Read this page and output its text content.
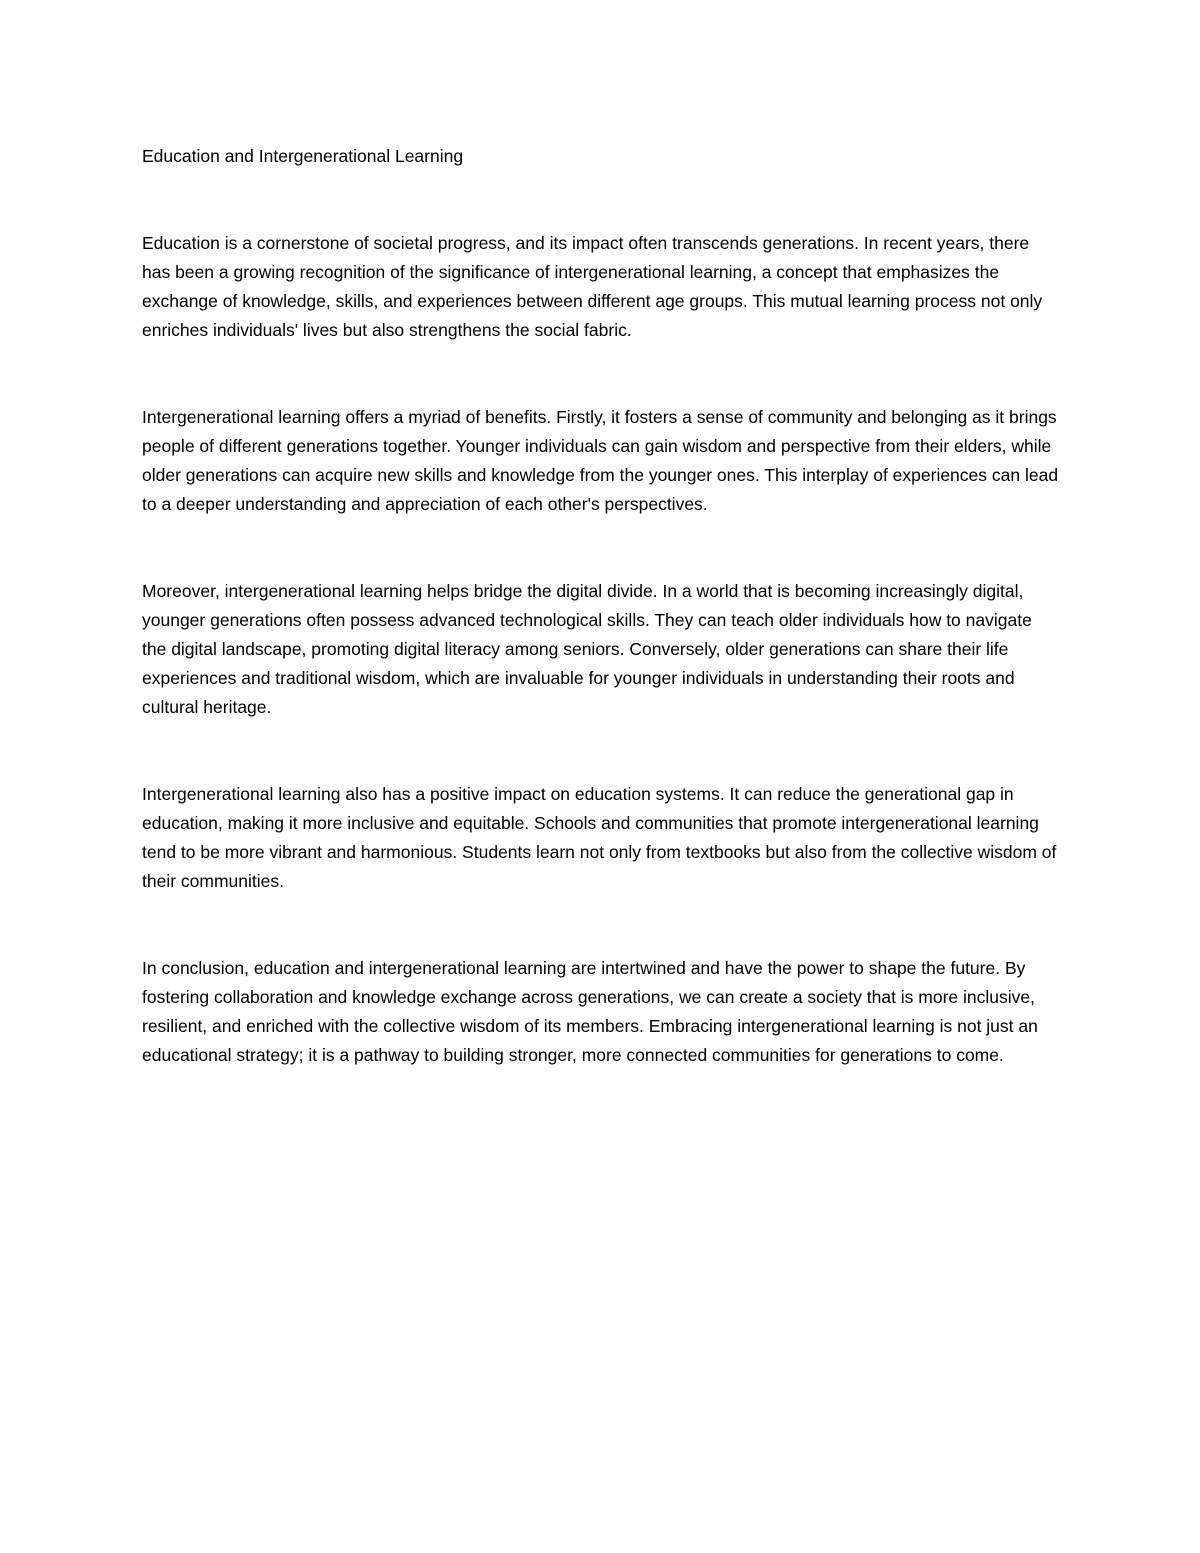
Education and Intergenerational Learning

Education is a cornerstone of societal progress, and its impact often transcends generations. In recent years, there has been a growing recognition of the significance of intergenerational learning, a concept that emphasizes the exchange of knowledge, skills, and experiences between different age groups. This mutual learning process not only enriches individuals' lives but also strengthens the social fabric.

Intergenerational learning offers a myriad of benefits. Firstly, it fosters a sense of community and belonging as it brings people of different generations together. Younger individuals can gain wisdom and perspective from their elders, while older generations can acquire new skills and knowledge from the younger ones. This interplay of experiences can lead to a deeper understanding and appreciation of each other's perspectives.

Moreover, intergenerational learning helps bridge the digital divide. In a world that is becoming increasingly digital, younger generations often possess advanced technological skills. They can teach older individuals how to navigate the digital landscape, promoting digital literacy among seniors. Conversely, older generations can share their life experiences and traditional wisdom, which are invaluable for younger individuals in understanding their roots and cultural heritage.

Intergenerational learning also has a positive impact on education systems. It can reduce the generational gap in education, making it more inclusive and equitable. Schools and communities that promote intergenerational learning tend to be more vibrant and harmonious. Students learn not only from textbooks but also from the collective wisdom of their communities.

In conclusion, education and intergenerational learning are intertwined and have the power to shape the future. By fostering collaboration and knowledge exchange across generations, we can create a society that is more inclusive, resilient, and enriched with the collective wisdom of its members. Embracing intergenerational learning is not just an educational strategy; it is a pathway to building stronger, more connected communities for generations to come.
